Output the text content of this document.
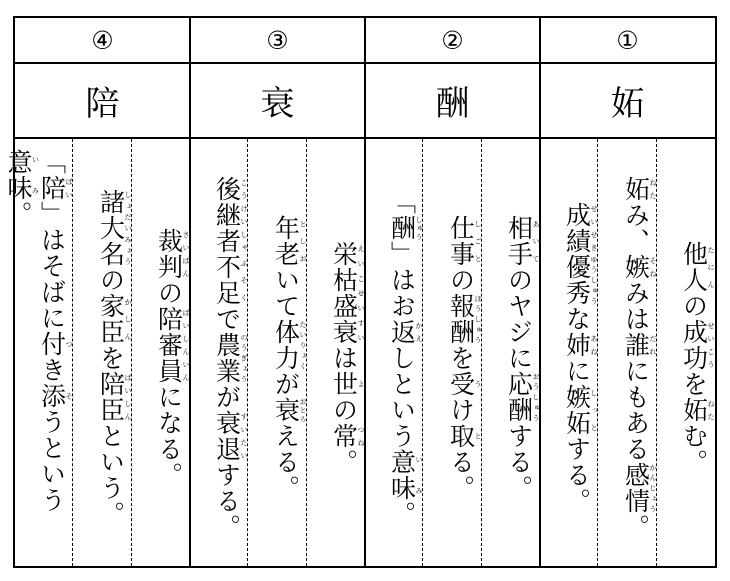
④
陪
「陪ばい」はそばに付つき添そうという意味いみ。	諸大名しょだいみょうの家臣かしんを陪臣ばいしんという。
裁判さいばんの陪審員ばいしんいんになる。
③
衰
後継者こうけいしゃ不足ぶそくで農業のうぎょうが衰退すいたいする。
年老としおいて体力たいりょくが衰おとろえる。
栄枯盛衰えいこせいすいは世よの常つね。
②
酬
「酬しゅう」はお返かえしという意味いみ。
仕事しごとの報酬ほうしゅうを受うけ取とる。
相手あいてのヤジに応酬おうしゅうする。
①
妬
成績せいせき優秀ゆうしゅうな姉あねに嫉妬しっとする。
妬ねたみ、嫉そねみは誰だれにもある感情かんじょう。
他人たにんの成功せいこうを妬ねたむ。
